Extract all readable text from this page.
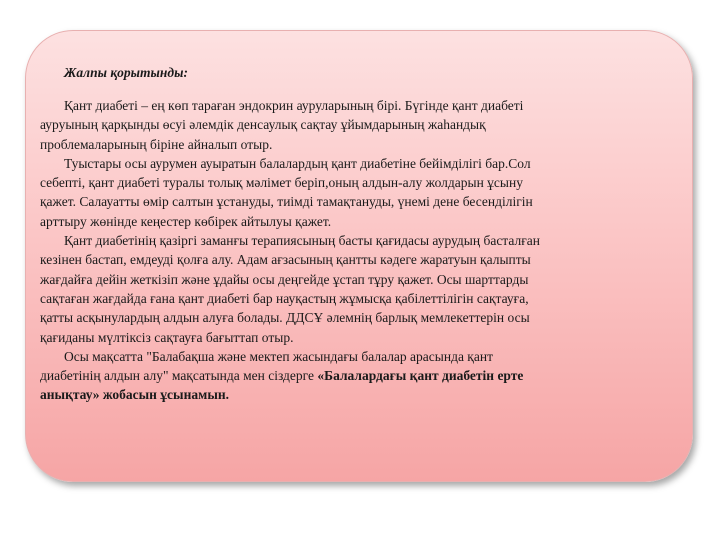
Жалпы қорытынды:
Қант диабеті – ең көп тараған эндокрин ауруларының бірі. Бүгінде қант диабеті
ауруының қарқынды өсуі әлемдік денсаулық сақтау ұйымдарының жаһандық
проблемаларының біріне айналып отыр.
Туыстары осы аурумен ауыратын балалардың қант диабетіне бейімділігі бар.Сол
себепті, қант диабеті туралы толық мәлімет беріп,оның алдын-алу жолдарын ұсыну
қажет. Салауатты өмір салтын ұстануды, тиімді тамақтануды, үнемі дене бесенділігін
арттыру жөнінде кеңестер көбірек айтылуы қажет.
Қант диабетінің қазіргі заманғы терапиясының басты қағидасы аурудың басталған
кезінен бастап, емдеуді қолға алу. Адам ағзасының қантты кәдеге жаратуын қалыпты
жағдайға дейін жеткізіп және ұдайы осы деңгейде ұстап тұру қажет. Осы шарттарды
сақтаған жағдайда ғана қант диабеті бар науқастың жұмысқа қабілеттілігін сақтауға,
қатты асқынулардың алдын алуға болады. ДДСҰ әлемнің барлық мемлекеттерін осы
қағиданы мүлтіксіз сақтауға бағыттап отыр.
Осы мақсатта "Балабақша және мектеп жасындағы балалар арасында қант
диабетінің алдын алу" мақсатында мен сіздерге «Балалардағы қант диабетін ерте
анықтау» жобасын ұсынамын.
